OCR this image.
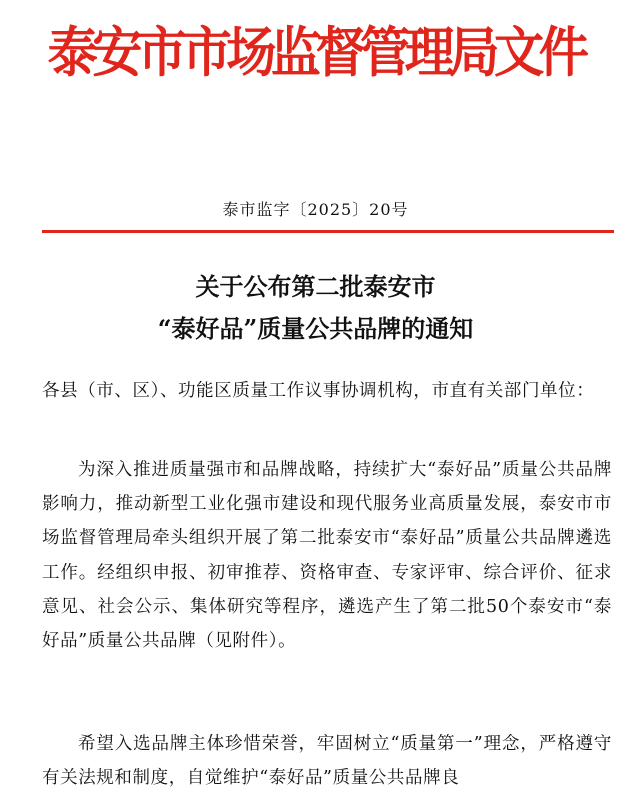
泰安市市场监督管理局文件
泰市监字〔2025〕20号
关于公布第二批泰安市
“泰好品”质量公共品牌的通知
各县（市、区）、功能区质量工作议事协调机构，市直有关部门单位：
为深入推进质量强市和品牌战略，持续扩大“泰好品”质量公共品牌影响力，推动新型工业化强市建设和现代服务业高质量发展，泰安市市场监督管理局牵头组织开展了第二批泰安市“泰好品”质量公共品牌遴选工作。经组织申报、初审推荐、资格审查、专家评审、综合评价、征求意见、社会公示、集体研究等程序，遴选产生了第二批50个泰安市“泰好品”质量公共品牌（见附件）。
希望入选品牌主体珍惜荣誉，牢固树立“质量第一”理念，严格遵守有关法规和制度，自觉维护“泰好品”质量公共品牌良
